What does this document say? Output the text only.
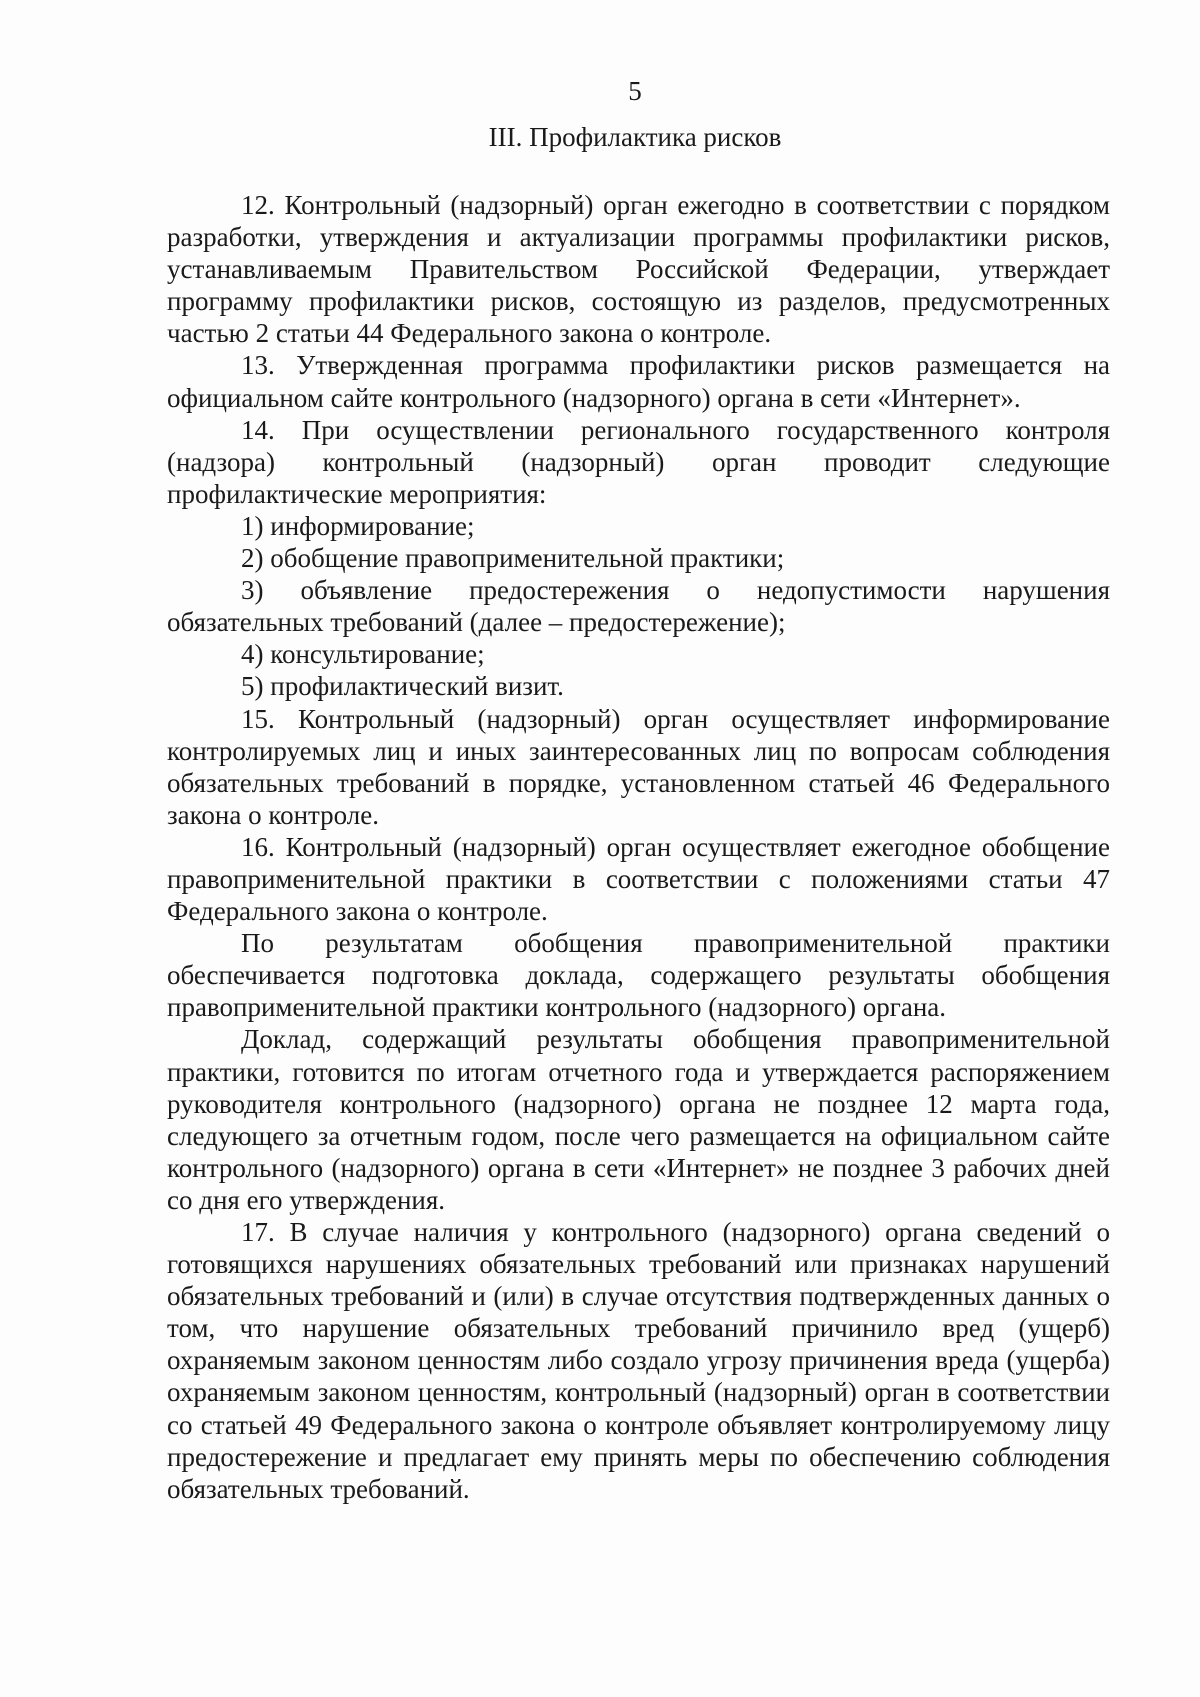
5
III. Профилактика рисков

12. Контрольный (надзорный) орган ежегодно в соответствии с порядком разработки, утверждения и актуализации программы профилактики рисков, устанавливаемым Правительством Российской Федерации, утверждает программу профилактики рисков, состоящую из разделов, предусмотренных частью 2 статьи 44 Федерального закона о контроле.

13. Утвержденная программа профилактики рисков размещается на официальном сайте контрольного (надзорного) органа в сети «Интернет».

14. При осуществлении регионального государственного контроля (надзора) контрольный (надзорный) орган проводит следующие профилактические мероприятия:

1) информирование;

2) обобщение правоприменительной практики;

3) объявление предостережения о недопустимости нарушения обязательных требований (далее – предостережение);

4) консультирование;

5) профилактический визит.

15. Контрольный (надзорный) орган осуществляет информирование контролируемых лиц и иных заинтересованных лиц по вопросам соблюдения обязательных требований в порядке, установленном статьей 46 Федерального закона о контроле.

16. Контрольный (надзорный) орган осуществляет ежегодное обобщение правоприменительной практики в соответствии с положениями статьи 47 Федерального закона о контроле.

По результатам обобщения правоприменительной практики обеспечивается подготовка доклада, содержащего результаты обобщения правоприменительной практики контрольного (надзорного) органа.

Доклад, содержащий результаты обобщения правоприменительной практики, готовится по итогам отчетного года и утверждается распоряжением руководителя контрольного (надзорного) органа не позднее 12 марта года, следующего за отчетным годом, после чего размещается на официальном сайте контрольного (надзорного) органа в сети «Интернет» не позднее 3 рабочих дней со дня его утверждения.

17. В случае наличия у контрольного (надзорного) органа сведений о готовящихся нарушениях обязательных требований или признаках нарушений обязательных требований и (или) в случае отсутствия подтвержденных данных о том, что нарушение обязательных требований причинило вред (ущерб) охраняемым законом ценностям либо создало угрозу причинения вреда (ущерба) охраняемым законом ценностям, контрольный (надзорный) орган в соответствии со статьей 49 Федерального закона о контроле объявляет контролируемому лицу предостережение и предлагает ему принять меры по обеспечению соблюдения обязательных требований.
